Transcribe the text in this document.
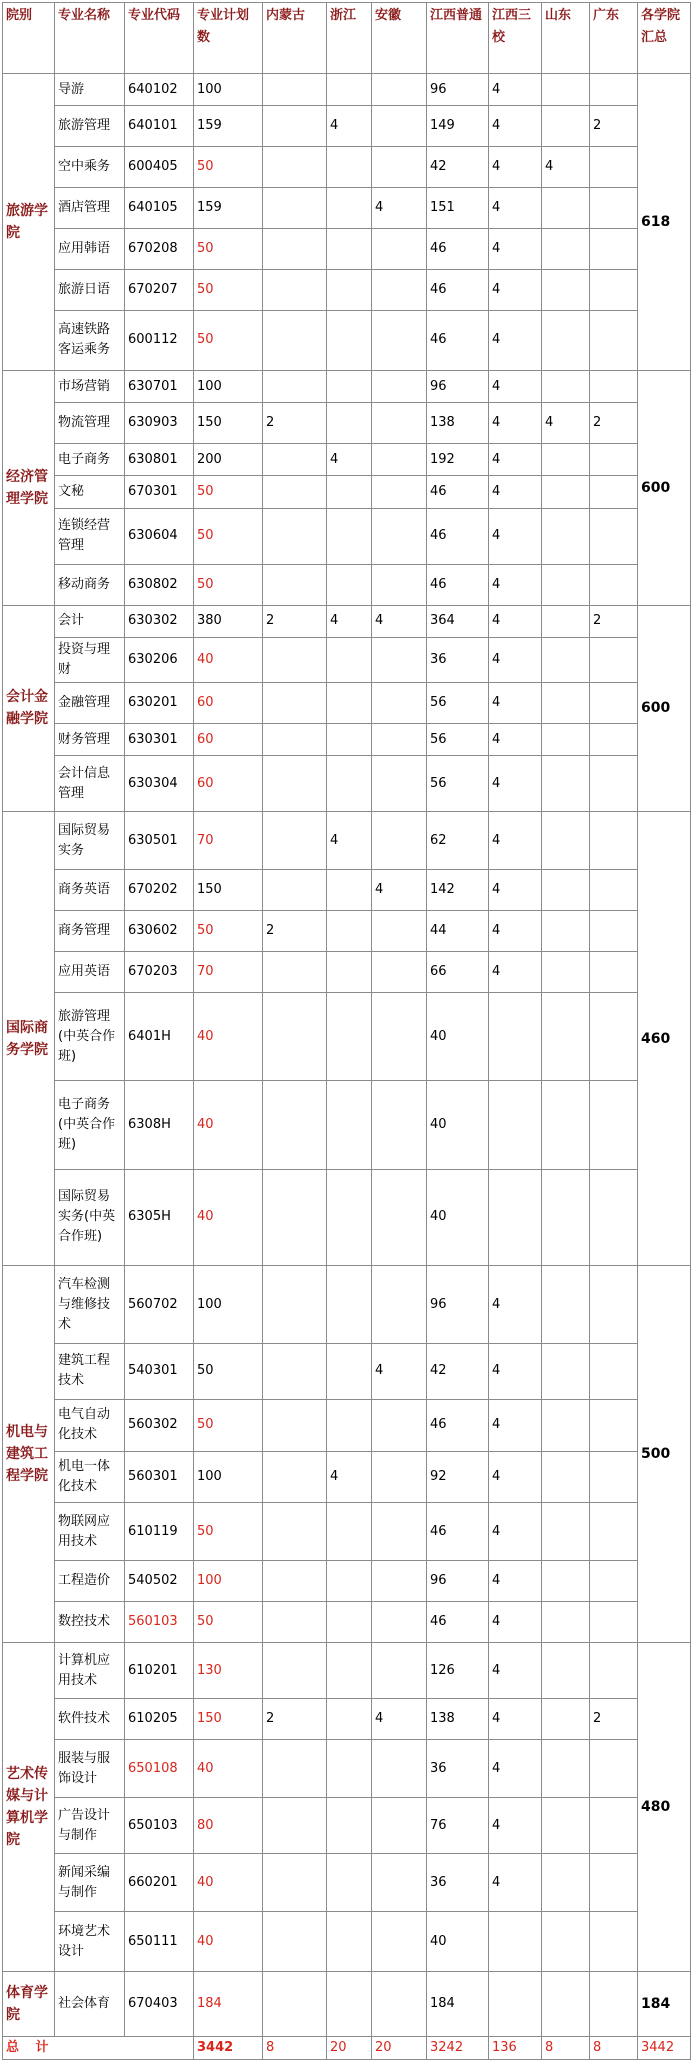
院别	专业名称	专业代码	专业计划数	内蒙古	浙江	安徽	江西普通	江西三校	山东	广东	各学院汇总
旅游学院	导游	640102	100				96	4			618
	旅游管理	640101	159		4		149	4		2	
	空中乘务	600405	50				42	4	4		
	酒店管理	640105	159			4	151	4			
	应用韩语	670208	50				46	4			
	旅游日语	670207	50				46	4			
	高速铁路客运乘务	600112	50				46	4			
经济管理学院	市场营销	630701	100				96	4			600
	物流管理	630903	150	2			138	4	4	2	
	电子商务	630801	200		4		192	4			
	文秘	670301	50				46	4			
	连锁经营管理	630604	50				46	4			
	移动商务	630802	50				46	4			
会计金融学院	会计	630302	380	2	4	4	364	4		2	600
	投资与理财	630206	40				36	4			
	金融管理	630201	60				56	4			
	财务管理	630301	60				56	4			
	会计信息管理	630304	60				56	4			
国际商务学院	国际贸易实务	630501	70		4		62	4			460
	商务英语	670202	150			4	142	4			
	商务管理	630602	50	2			44	4			
	应用英语	670203	70				66	4			
	旅游管理(中英合作班)	6401H	40				40				
	电子商务(中英合作班)	6308H	40				40				
	国际贸易实务(中英合作班)	6305H	40				40				
机电与建筑工程学院	汽车检测与维修技术	560702	100				96	4			500
	建筑工程技术	540301	50			4	42	4			
	电气自动化技术	560302	50				46	4			
	机电一体化技术	560301	100		4		92	4			
	物联网应用技术	610119	50				46	4			
	工程造价	540502	100				96	4			
	数控技术	560103	50				46	4			
艺术传媒与计算机学院	计算机应用技术	610201	130				126	4			480
	软件技术	610205	150	2		4	138	4		2	
	服装与服饰设计	650108	40				36	4			
	广告设计与制作	650103	80				76	4			
	新闻采编与制作	660201	40				36	4			
	环境艺术设计	650111	40				40				
体育学院	社会体育	670403	184				184				184
总 计			3442	8	20	20	3242	136	8	8	3442
